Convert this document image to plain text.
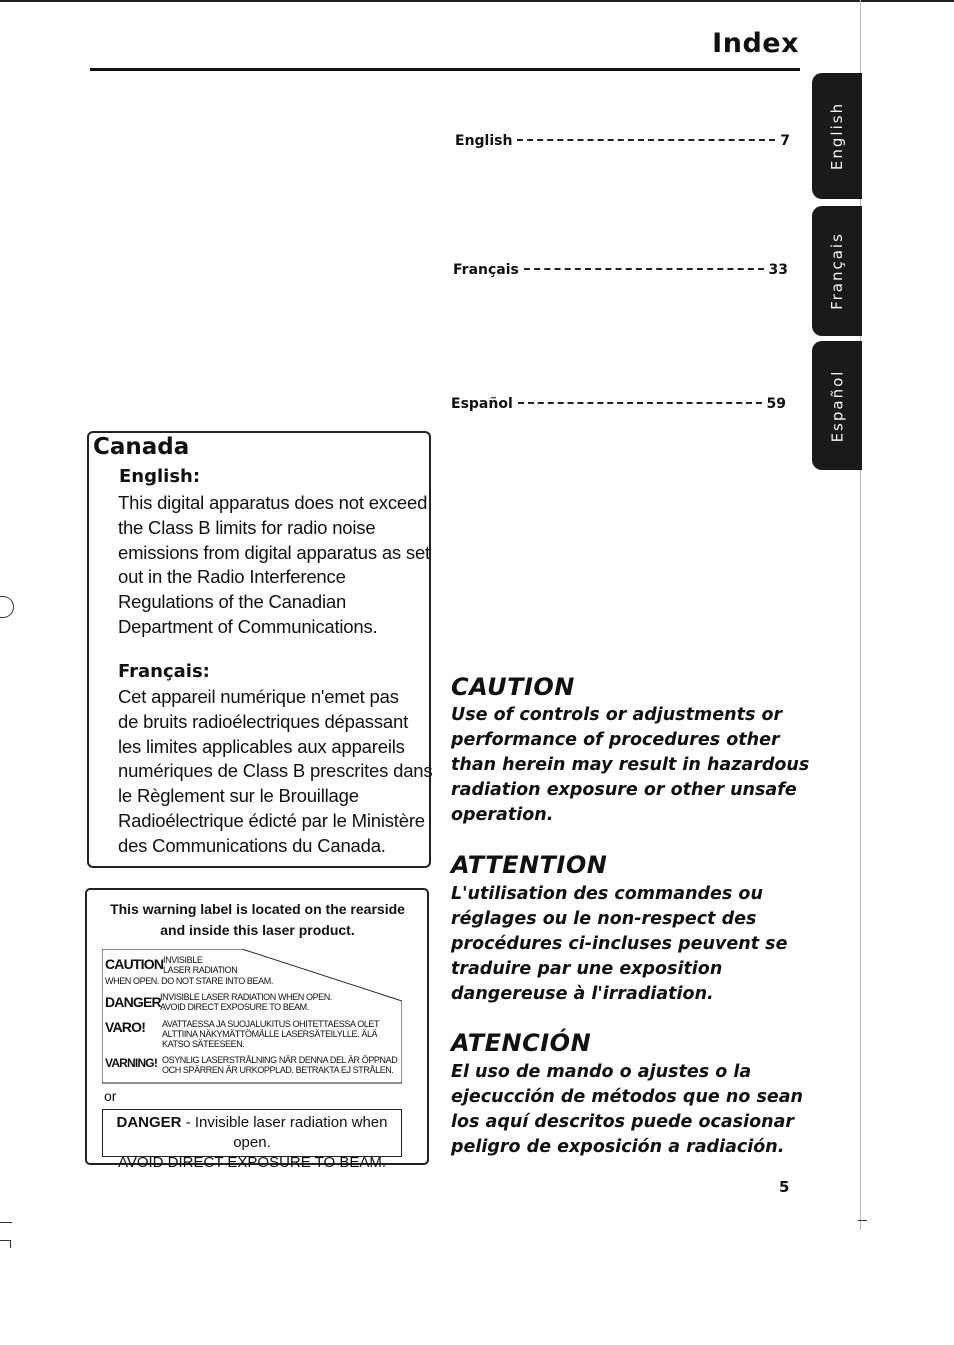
Index
English	7
Français	33
Español	59
English
Français
Español
Canada
English:
This digital apparatus does not exceed
the Class B limits for radio noise
emissions from digital apparatus as set
out in the Radio Interference
Regulations of the Canadian
Department of Communications.
Français:
Cet appareil numérique n'emet pas
de bruits radioélectriques dépassant
les limites applicables aux appareils
numériques de Class B prescrites dans
le Règlement sur le Brouillage
Radioélectrique édicté par le Ministère
des Communications du Canada.
This warning label is located on the rearside
and inside this laser product.
CAUTION INVISIBLE
LASER RADIATION
WHEN OPEN. DO NOT STARE INTO BEAM.
DANGER INVISIBLE LASER RADIATION WHEN OPEN.
AVOID DIRECT EXPOSURE TO BEAM.
VARO! AVATTAESSA JA SUOJALUKITUS OHITETTAESSA OLET
ALTTIINA NÄKYMÄTTÖMÄLLE LASERSÄTEILYLLE. ÄLÄ
KATSO SÄTEESEEN.
VARNING! OSYNLIG LASERSTRÅLNING NÄR DENNA DEL ÄR ÖPPNAD
OCH SPÄRREN ÄR URKOPPLAD. BETRAKTA EJ STRÅLEN.
or
DANGER - Invisible laser radiation when open.
AVOID DIRECT EXPOSURE TO BEAM.
CAUTION
Use of controls or adjustments or
performance of procedures other
than herein may result in hazardous
radiation exposure or other unsafe
operation.
ATTENTION
L'utilisation des commandes ou
réglages ou le non-respect des
procédures ci-incluses peuvent se
traduire par une exposition
dangereuse à l'irradiation.
ATENCIÓN
El uso de mando o ajustes o la
ejecucción de métodos que no sean
los aquí descritos puede ocasionar
peligro de exposición a radiación.
5
